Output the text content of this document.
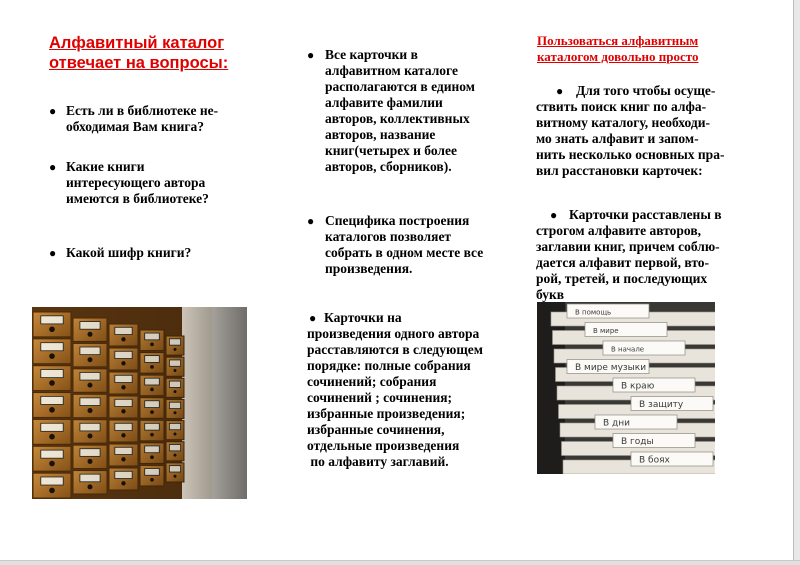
Алфавитный каталог
отвечает на вопросы:
● Есть ли в библиотеке не-
обходимая Вам книга?
● Какие книги
интересующего автора
имеются в библиотеке?
● Какой шифр книги?
● Все карточки в
алфавитном каталоге
располагаются в едином
алфавите фамилии
авторов, коллективных
авторов, название
книг(четырех и более
авторов, сборников).
● Специфика построения
каталогов позволяет
собрать в одном месте все
произведения.
● Карточки на
произведения одного автора
расставляются в следующем
порядке: полные собрания
сочинений; собрания
сочинений ; сочинения;
избранные произведения;
избранные сочинения,
отдельные произведения
по алфавиту заглавий.
Пользоваться алфавитным
каталогом довольно просто
● Для того чтобы осуще-
ствить поиск книг по алфа-
витному каталогу, необходи-
мо знать алфавит и запом-
нить несколько основных пра-
вил расстановки карточек:
● Карточки расставлены в
строгом алфавите авторов,
заглавии книг, причем соблю-
дается алфавит первой, вто-
рой, третей, и последующих
букв
В помощь
В мире
В начале
В мире музыки
В краю
В защиту
В дни
В годы
В боях
